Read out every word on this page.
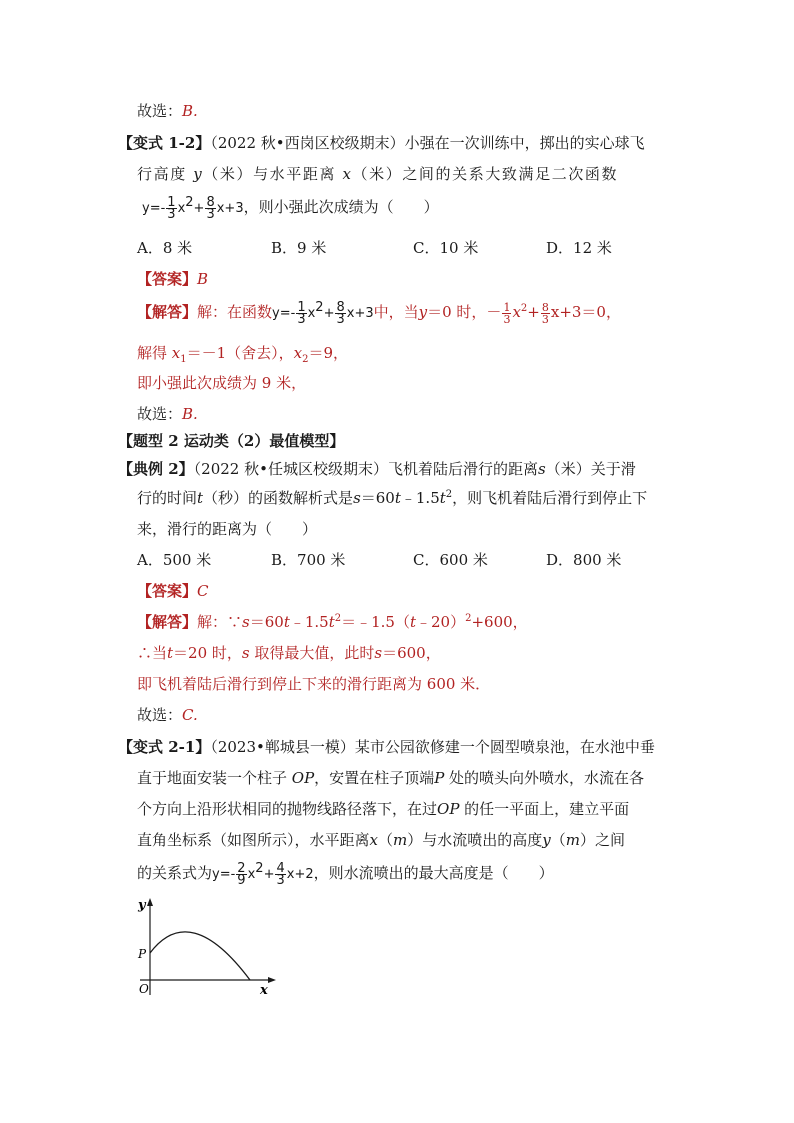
故选：B.
【变式 1-2】（2022 秋•西岗区校级期末）小强在一次训练中，掷出的实心球飞
行高度 y（米）与水平距离 x（米）之间的关系大致满足二次函数
$y=- \frac{1}{3} x2+ \frac{8}{3} x+3$，则小强此次成绩为（　　）
A．8 米	B．9 米	C．10 米	D．12 米
【答案】B
【解答】解：在函数$y=- \frac{1}{3} x2+ \frac{8}{3} x+3$中，当y＝0 时，－ $\frac{1}{3} x^2+ \frac{8}{3} x+3=0$，
解得 $x_1=-1$（舍去），$x_2=9$，
即小强此次成绩为 9 米，
故选：B.
【题型 2 运动类（2）最值模型】
【典例 2】（2022 秋•任城区校级期末）飞机着陆后滑行的距离s（米）关于滑
行的时间t（秒）的函数解析式是$s=60t﹣1.5t^2$，则飞机着陆后滑行到停止下
来，滑行的距离为（　　）
A．500 米	B．700 米	C．600 米	D．800 米
【答案】C
【解答】解：$\because s=60t﹣1.5t^2=﹣1.5(t﹣20)^2+600$，
∴当t＝20 时，s 取得最大值，此时s＝600，
即飞机着陆后滑行到停止下来的滑行距离为 600 米．
故选：C.
【变式 2-1】（2023•郸城县一模）某市公园欲修建一个圆型喷泉池，在水池中垂
直于地面安装一个柱子 OP，安置在柱子顶端P 处的喷头向外喷水，水流在各
个方向上沿形状相同的抛物线路径落下，在过OP 的任一平面上，建立平面
直角坐标系（如图所示），水平距离x（m）与水流喷出的高度y（m）之间
的关系式为$y=- \frac{2}{9} x2+ \frac{4}{3} x+2$，则水流喷出的最大高度是（　　）
y
x
P
O
